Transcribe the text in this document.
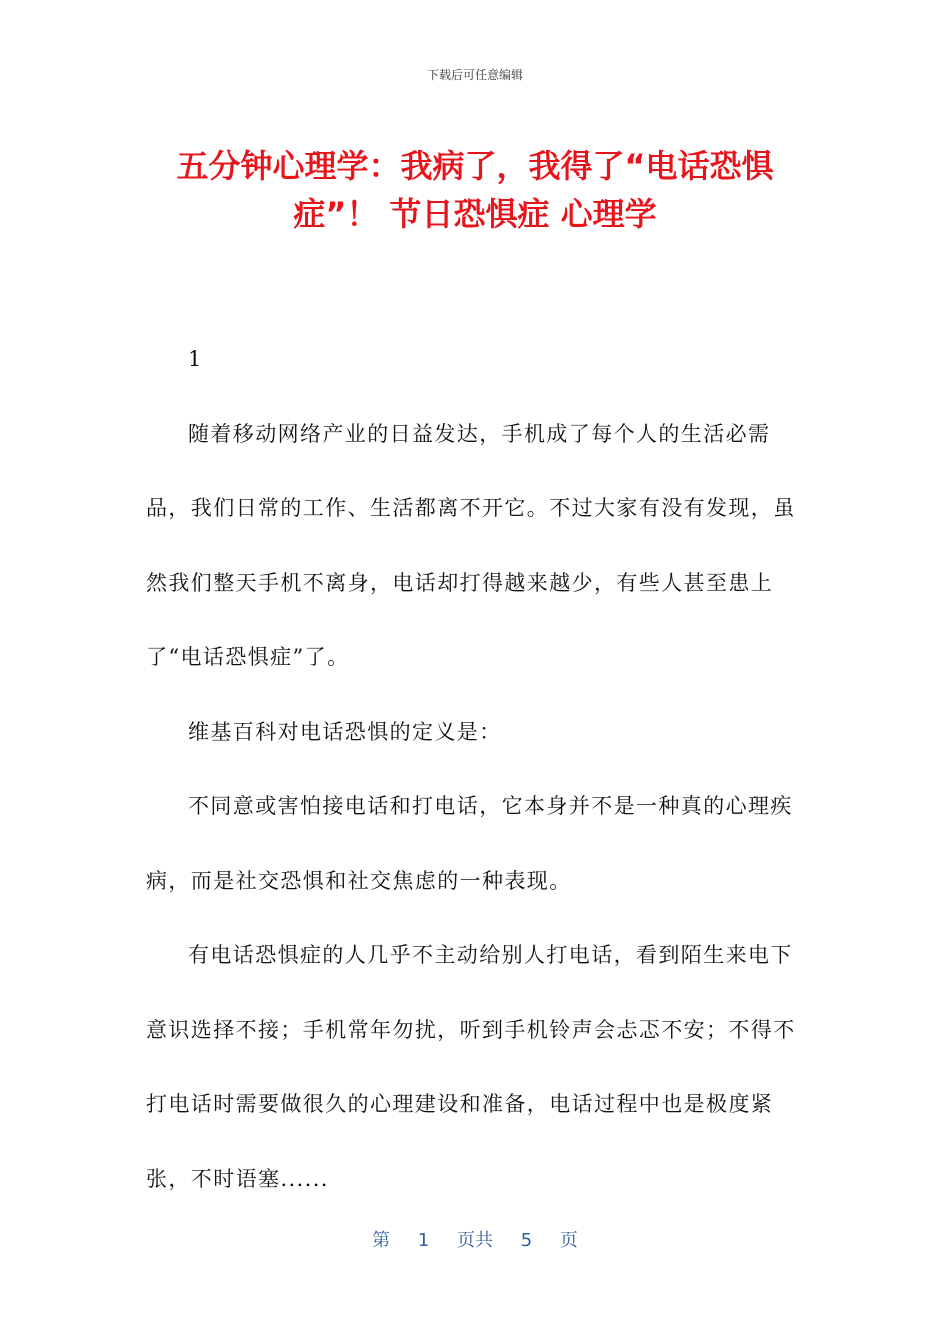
下载后可任意编辑
五分钟心理学：我病了，我得了“电话恐惧症”！ 节日恐惧症 心理学

1

随着移动网络产业的日益发达，手机成了每个人的生活必需品，我们日常的工作、生活都离不开它。不过大家有没有发现，虽然我们整天手机不离身，电话却打得越来越少，有些人甚至患上了“电话恐惧症”了。

维基百科对电话恐惧的定义是：

不同意或害怕接电话和打电话，它本身并不是一种真的心理疾病，而是社交恐惧和社交焦虑的一种表现。

有电话恐惧症的人几乎不主动给别人打电话，看到陌生来电下意识选择不接；手机常年勿扰，听到手机铃声会忐忑不安；不得不打电话时需要做很久的心理建设和准备，电话过程中也是极度紧张，不时语塞......

第 1 页共 5 页
